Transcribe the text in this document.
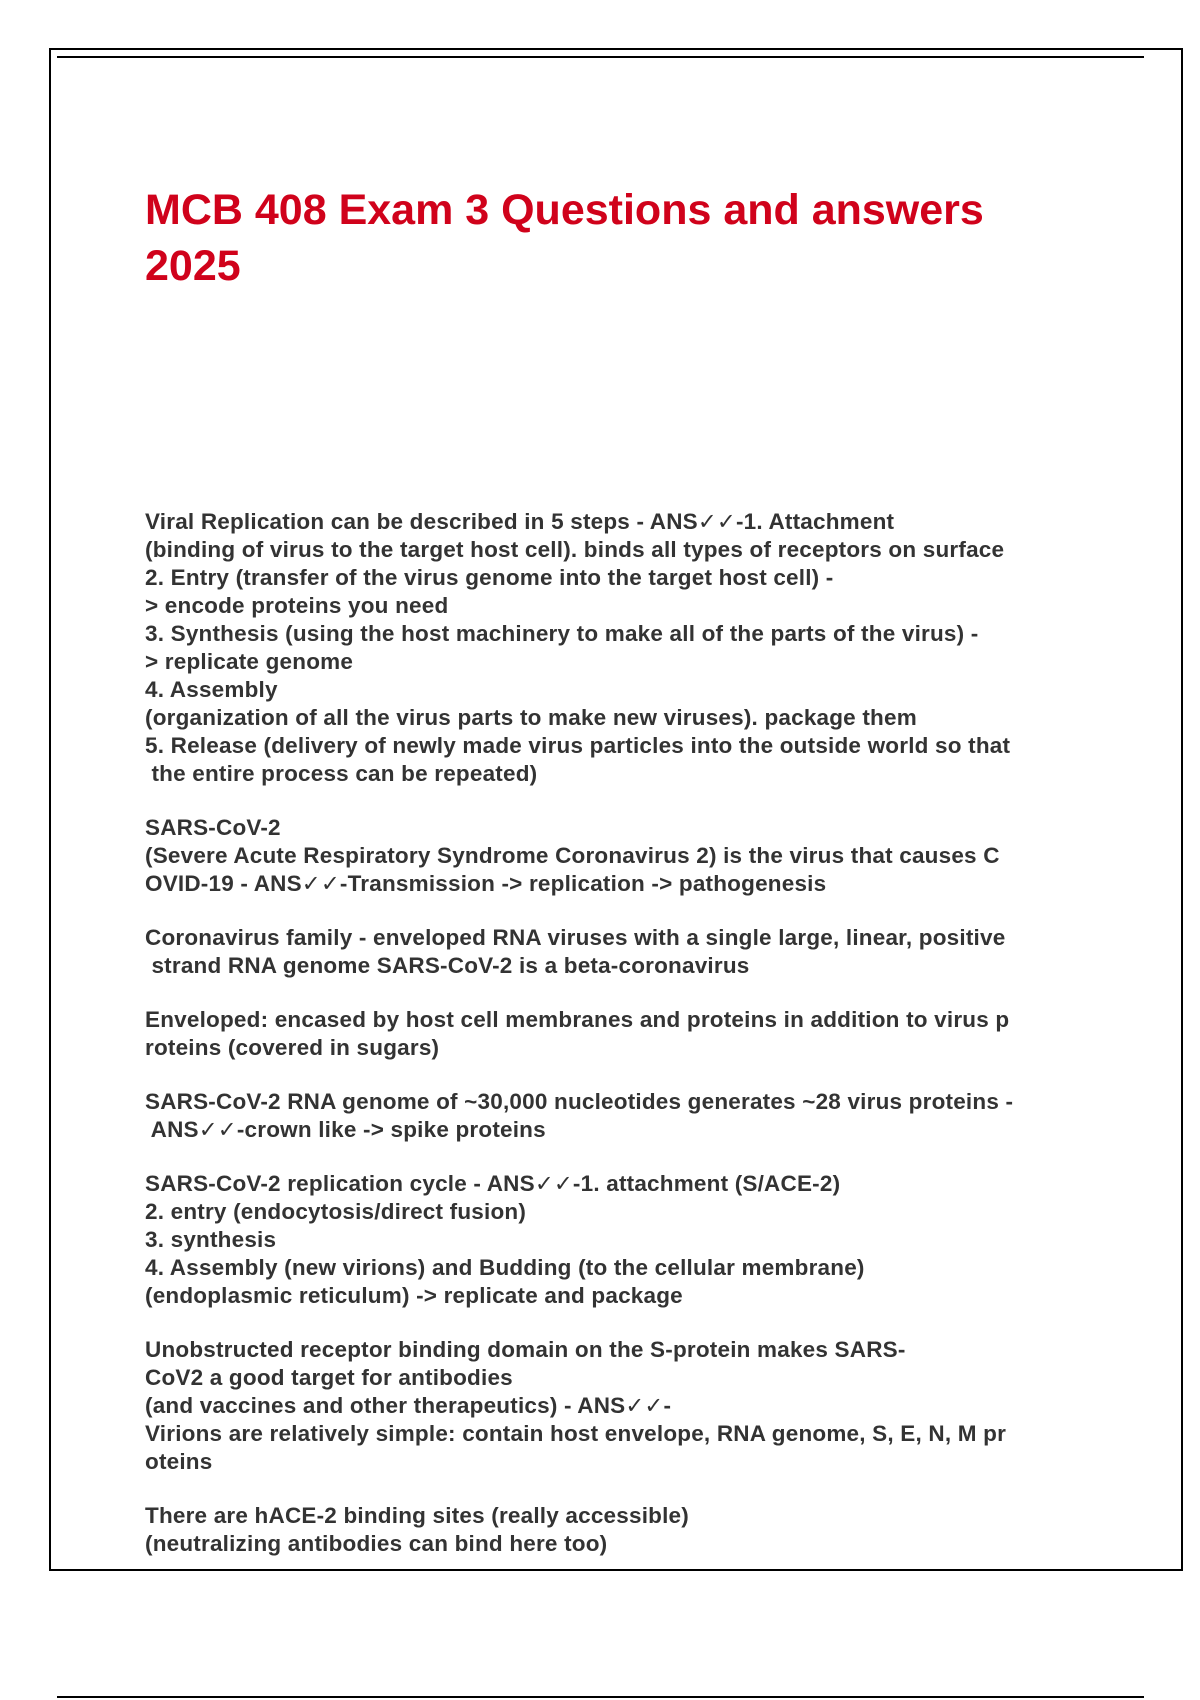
MCB 408 Exam 3 Questions and answers
2025
Viral Replication can be described in 5 steps - ANS✓✓-1. Attachment
(binding of virus to the target host cell). binds all types of receptors on surface
2. Entry (transfer of the virus genome into the target host cell) -
> encode proteins you need
3. Synthesis (using the host machinery to make all of the parts of the virus) -
> replicate genome
4. Assembly
(organization of all the virus parts to make new viruses). package them
5. Release (delivery of newly made virus particles into the outside world so that
the entire process can be repeated)
SARS-CoV-2
(Severe Acute Respiratory Syndrome Coronavirus 2) is the virus that causes C
OVID-19 - ANS✓✓-Transmission -> replication -> pathogenesis
Coronavirus family - enveloped RNA viruses with a single large, linear, positive
strand RNA genome SARS-CoV-2 is a beta-coronavirus
Enveloped: encased by host cell membranes and proteins in addition to virus p
roteins (covered in sugars)
SARS-CoV-2 RNA genome of ~30,000 nucleotides generates ~28 virus proteins -
ANS✓✓-crown like -> spike proteins
SARS-CoV-2 replication cycle - ANS✓✓-1. attachment (S/ACE-2)
2. entry (endocytosis/direct fusion)
3. synthesis
4. Assembly (new virions) and Budding (to the cellular membrane)
(endoplasmic reticulum) -> replicate and package
Unobstructed receptor binding domain on the S-protein makes SARS-
CoV2 a good target for antibodies
(and vaccines and other therapeutics) - ANS✓✓-
Virions are relatively simple: contain host envelope, RNA genome, S, E, N, M pr
oteins
There are hACE-2 binding sites (really accessible)
(neutralizing antibodies can bind here too)
